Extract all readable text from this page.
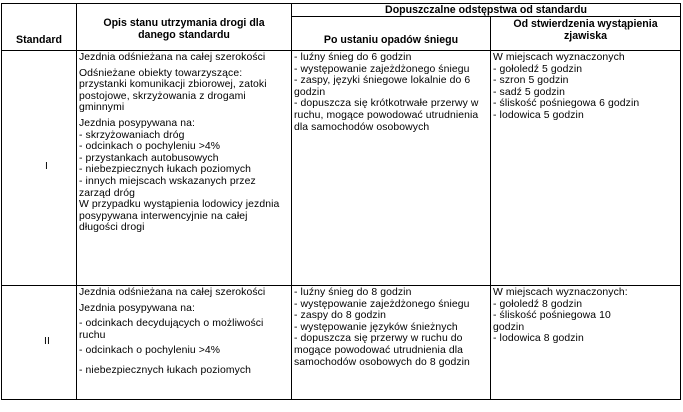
Standard
Opis stanu utrzymania drogi dla
danego standardu
Dopuszczalne odstępstwa od standardu
Po ustaniu opadów śniegu
Od stwierdzenia wystąpienia
zjawiska
I
Jezdnia odśnieżana na całej szerokości
Odśnieżane obiekty towarzyszące:
przystanki komunikacji zbiorowej, zatoki
postojowe, skrzyżowania z drogami
gminnymi
Jezdnia posypywana na:
- skrzyżowaniach dróg
- odcinkach o pochyleniu >4%
- przystankach autobusowych
- niebezpiecznych łukach poziomych
- innych miejscach wskazanych przez
zarząd dróg
W przypadku wystąpienia lodowicy jezdnia
posypywana interwencyjnie na całej
długości drogi
- luźny śnieg do 6 godzin
- występowanie zajeżdżonego śniegu
- zaspy, języki śniegowe lokalnie do 6
godzin
- dopuszcza się krótkotrwałe przerwy w
ruchu, mogące powodować utrudnienia
dla samochodów osobowych
W miejscach wyznaczonych
- gołoledź 5 godzin
- szron 5 godzin
- sadź 5 godzin
- śliskość pośniegowa 6 godzin
- lodowica 5 godzin
II
Jezdnia odśnieżana na całej szerokości
Jezdnia posypywana na:
- odcinkach decydujących o możliwości
ruchu
- odcinkach o pochyleniu >4%
- niebezpiecznych łukach poziomych
- luźny śnieg do 8 godzin
- występowanie zajeżdżonego śniegu
- zaspy do 8 godzin
- występowanie języków śnieżnych
- dopuszcza się przerwy w ruchu do
mogące powodować utrudnienia dla
samochodów osobowych do 8 godzin
W miejscach wyznaczonych:
- gołoledź 8 godzin
- śliskość pośniegowa 10
godzin
- lodowica 8 godzin
